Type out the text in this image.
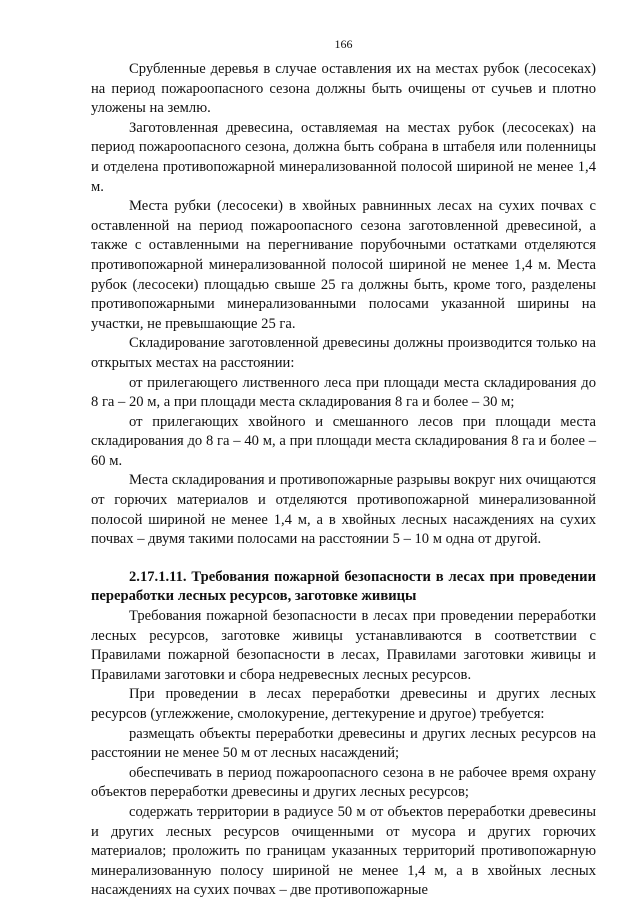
166

Срубленные деревья в случае оставления их на местах рубок (лесосеках) на период пожароопасного сезона должны быть очищены от сучьев и плотно уложены на землю.

Заготовленная древесина, оставляемая на местах рубок (лесосеках) на период пожароопасного сезона, должна быть собрана в штабеля или поленницы и отделена противопожарной минерализованной полосой шириной не менее 1,4 м.

Места рубки (лесосеки) в хвойных равнинных лесах на сухих почвах с оставленной на период пожароопасного сезона заготовленной древесиной, а также с оставленными на перегнивание порубочными остатками отделяются противопожарной минерализованной полосой шириной не менее 1,4 м. Места рубок (лесосеки) площадью свыше 25 га должны быть, кроме того, разделены противопожарными минерализованными полосами указанной ширины на участки, не превышающие 25 га.

Складирование заготовленной древесины должны производится только на открытых местах на расстоянии:

от прилегающего лиственного леса при площади места складирования до 8 га – 20 м, а при площади места складирования 8 га и более – 30 м;

от прилегающих хвойного и смешанного лесов при площади места складирования до 8 га – 40 м, а при площади места складирования 8 га и более – 60 м.

Места складирования и противопожарные разрывы вокруг них очищаются от горючих материалов и отделяются противопожарной минерализованной полосой шириной не менее 1,4 м, а в хвойных лесных насаждениях на сухих почвах – двумя такими полосами на расстоянии 5 – 10 м одна от другой.

2.17.1.11. Требования пожарной безопасности в лесах при проведении переработки лесных ресурсов, заготовке живицы

Требования пожарной безопасности в лесах при проведении переработки лесных ресурсов, заготовке живицы устанавливаются в соответствии с Правилами пожарной безопасности в лесах, Правилами заготовки живицы и Правилами заготовки и сбора недревесных лесных ресурсов.

При проведении в лесах переработки древесины и других лесных ресурсов (углежжение, смолокурение, дегтекурение и другое) требуется:

размещать объекты переработки древесины и других лесных ресурсов на расстоянии не менее 50 м от лесных насаждений;

обеспечивать в период пожароопасного сезона в не рабочее время охрану объектов переработки древесины и других лесных ресурсов;

содержать территории в радиусе 50 м от объектов переработки древесины и других лесных ресурсов очищенными от мусора и других горючих материалов; проложить по границам указанных территорий противопожарную минерализованную полосу шириной не менее 1,4 м, а в хвойных лесных насаждениях на сухих почвах – две противопожарные
